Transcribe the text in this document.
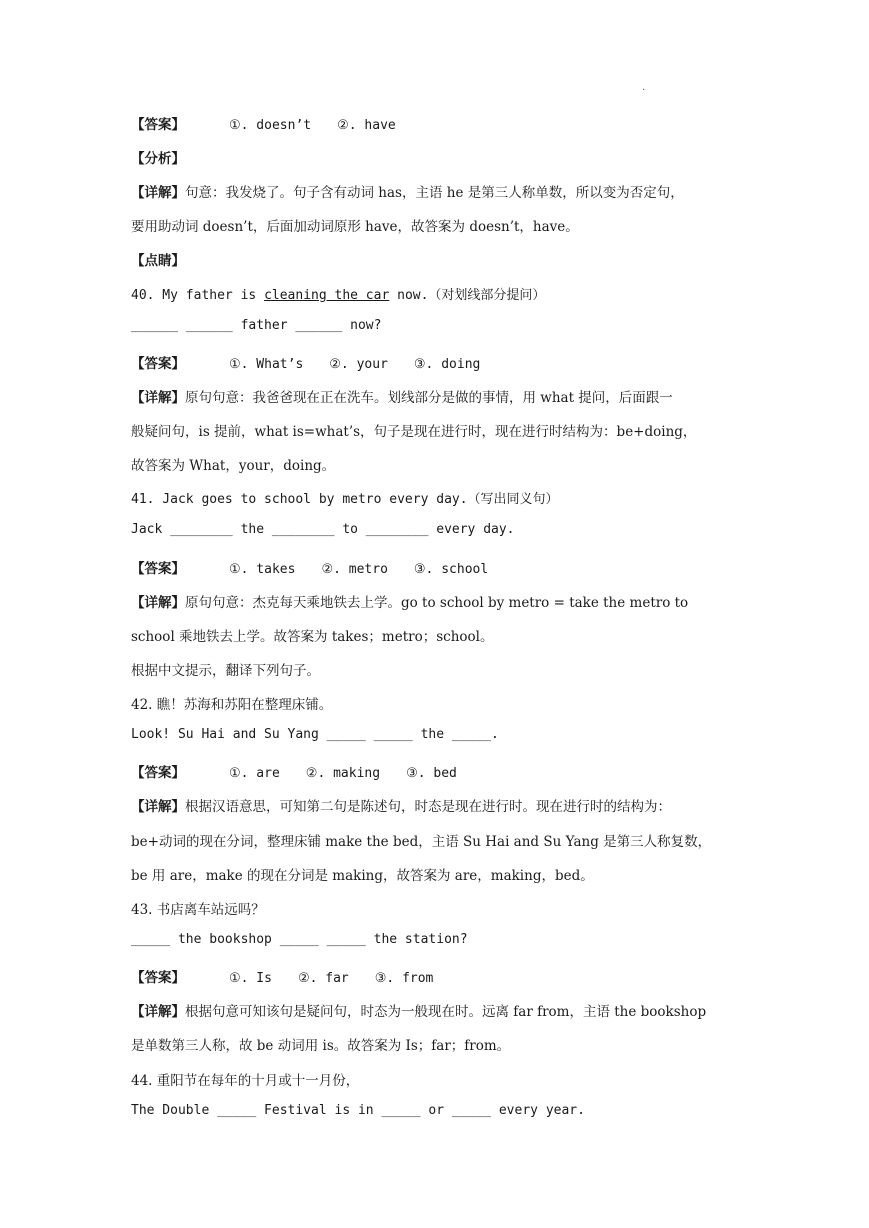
.
【答案】	①. doesn’t ②. have
【分析】
【详解】句意：我发烧了。句子含有动词 has，主语 he 是第三人称单数，所以变为否定句，
要用助动词 doesn’t，后面加动词原形 have，故答案为 doesn’t，have。
【点睛】
40. My father is cleaning the car now.（对划线部分提问）
______ ______ father ______ now?
【答案】	①. What’s ②. your ③. doing
【详解】原句句意：我爸爸现在正在洗车。划线部分是做的事情，用 what 提问，后面跟一
般疑问句，is 提前，what is=what’s，句子是现在进行时，现在进行时结构为：be+doing，
故答案为 What，your，doing。
41. Jack goes to school by metro every day.（写出同义句）
Jack ________ the ________ to ________ every day.
【答案】	①. takes ②. metro ③. school
【详解】原句句意：杰克每天乘地铁去上学。go to school by metro = take the metro to
school 乘地铁去上学。故答案为 takes；metro；school。
根据中文提示，翻译下列句子。
42. 瞧！苏海和苏阳在整理床铺。
Look! Su Hai and Su Yang _____ _____ the _____.
【答案】	①. are ②. making ③. bed
【详解】根据汉语意思，可知第二句是陈述句，时态是现在进行时。现在进行时的结构为：
be+动词的现在分词，整理床铺 make the bed，主语 Su Hai and Su Yang 是第三人称复数，
be 用 are，make 的现在分词是 making，故答案为 are，making，bed。
43. 书店离车站远吗？
_____ the bookshop _____ _____ the station?
【答案】	①. Is ②. far ③. from
【详解】根据句意可知该句是疑问句，时态为一般现在时。远离 far from，主语 the bookshop
是单数第三人称，故 be 动词用 is。故答案为 Is；far；from。
44. 重阳节在每年的十月或十一月份，
The Double _____ Festival is in _____ or _____ every year.
